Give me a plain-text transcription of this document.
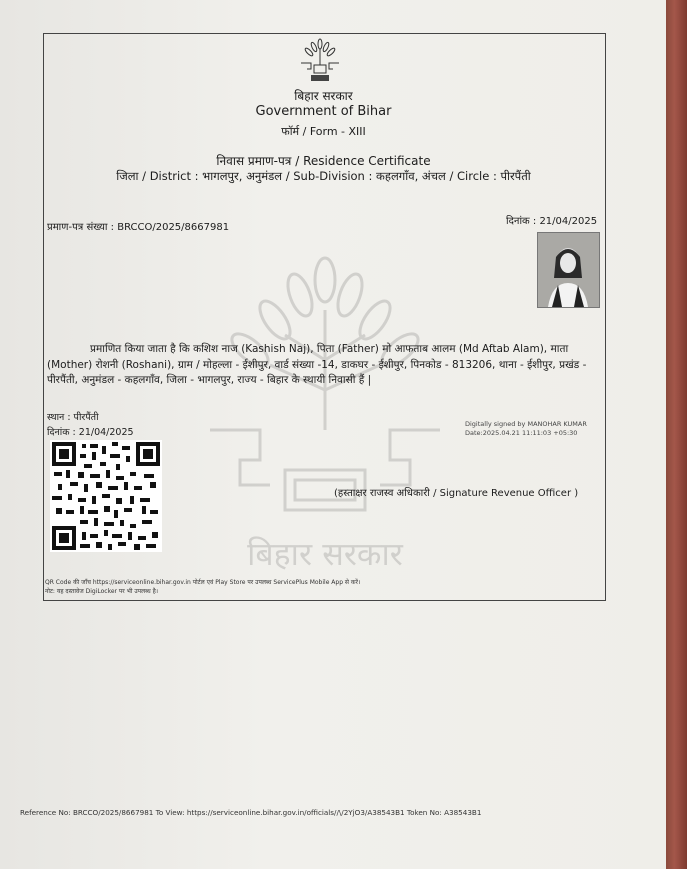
बिहार सरकार
बिहार सरकार
Government of Bihar
फॉर्म / Form - XIII
निवास प्रमाण-पत्र / Residence Certificate
जिला / District : भागलपुर, अनुमंडल / Sub-Division : कहलगाँव, अंचल / Circle : पीरपैंती
प्रमाण-पत्र संख्या : BRCCO/2025/8667981
दिनांक : 21/04/2025
प्रमाणित किया जाता है कि कशिश नाज (Kashish Naj), पिता (Father) मो आफताब आलम (Md Aftab Alam), माता
(Mother) रोशनी (Roshani), ग्राम / मोहल्ला - ईशीपुर, वार्ड संख्या -14, डाकघर - ईशीपुर, पिनकोड - 813206, थाना - ईशीपुर, प्रखंड -
पीरपैंती, अनुमंडल - कहलगाँव, जिला - भागलपुर, राज्य - बिहार के स्थायी निवासी हैं |
स्थान : पीरपैंती
दिनांक : 21/04/2025
Digitally signed by MANOHAR KUMAR
Date:2025.04.21 11:11:03 +05:30
(हस्ताक्षर राजस्व अधिकारी / Signature Revenue Officer )
QR Code की जाँच https://serviceonline.bihar.gov.in पोर्टल एवं Play Store पर उपलब्ध ServicePlus Mobile App से करें।
नोट: यह दस्तावेज DigiLocker पर भी उपलब्ध है।
Reference No: BRCCO/2025/8667981 To View: https://serviceonline.bihar.gov.in/officials//\/2YjO3/A38543B1 Token No: A38543B1
